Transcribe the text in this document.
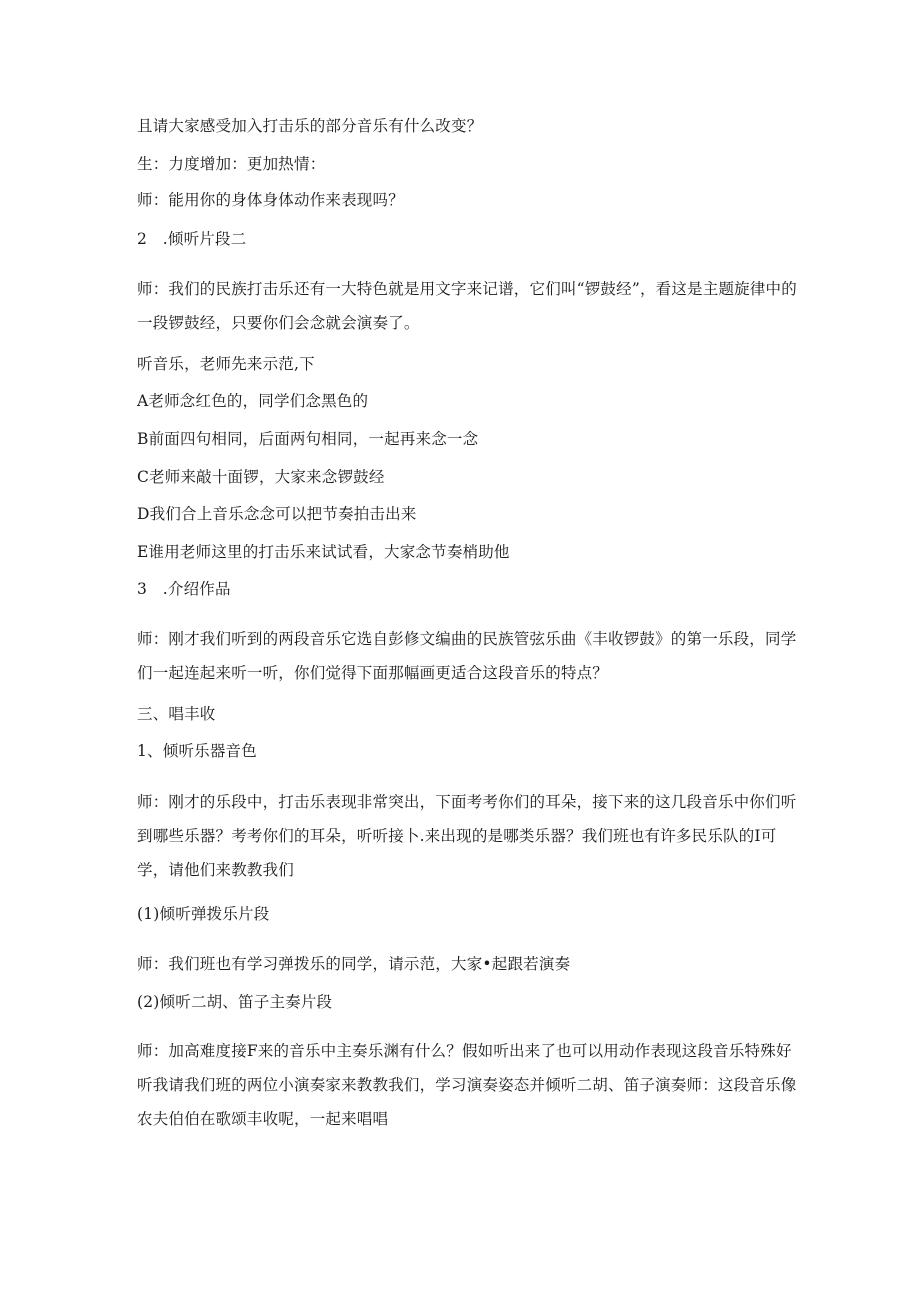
且请大家感受加入打击乐的部分音乐有什么改变？

生：力度增加：更加热情：

师：能用你的身体身体动作来表现吗？

2　.倾听片段二

师：我们的民族打击乐还有一大特色就是用文字来记谱，它们叫“锣鼓经”，看这是主题旋律中的一段锣鼓经，只要你们会念就会演奏了。

听音乐，老师先来示范,下

A老师念红色的，同学们念黑色的

B前面四句相同，后面两句相同，一起再来念一念

C老师来敲十面锣，大家来念锣鼓经

D我们合上音乐念念可以把节奏拍击出来

E谁用老师这里的打击乐来试试看，大家念节奏梢助他

3　.介绍作品

师：刚才我们听到的两段音乐它选自彭修文编曲的民族管弦乐曲《丰收锣鼓》的第一乐段，同学们一起连起来听一听，你们觉得下面那幅画更适合这段音乐的特点？

三、唱丰收

1、倾听乐器音色

师：刚才的乐段中，打击乐表现非常突出，下面考考你们的耳朵，接下来的这几段音乐中你们听到哪些乐器？考考你们的耳朵，听听接卜.来出现的是哪类乐器？我们班也有许多民乐队的I可学，请他们来教教我们

(1)倾听弹拨乐片段

师：我们班也有学习弹拨乐的同学，请示范，大家•起跟若演奏

(2)倾听二胡、笛子主奏片段

师：加高难度接F来的音乐中主奏乐渊有什么？假如听出来了也可以用动作表现这段音乐特殊好听我请我们班的两位小演奏家来教教我们，学习演奏姿态并倾听二胡、笛子演奏师：这段音乐像农夫伯伯在歌颂丰收呢，一起来唱唱
